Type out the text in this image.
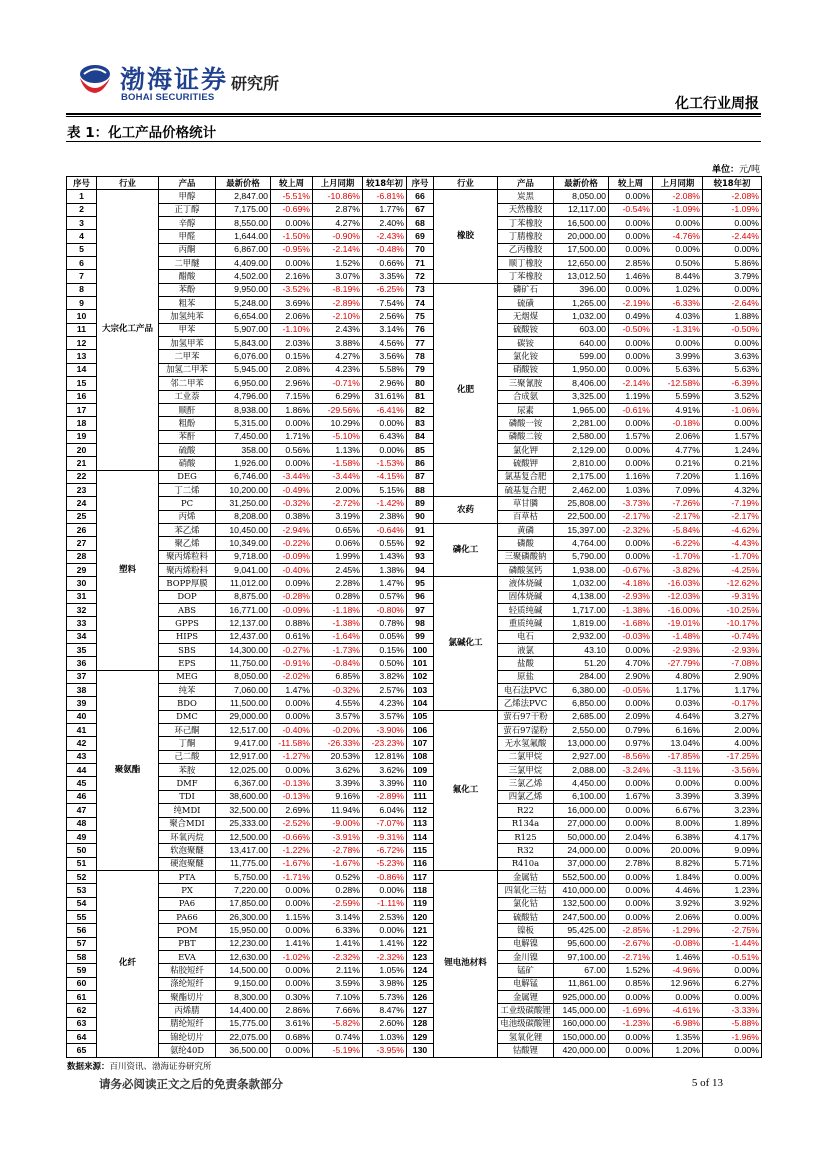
渤海证券
BOHAI SECURITIES
研究所
化工行业周报
表 1：化工产品价格统计
单位：元/吨
序号	行业	产品	最新价格	较上周	上月同期	较18年初	序号	行业	产品	最新价格	较上周	上月同期	较18年初
1	大宗化工产品	甲醇	2,847.00	-5.51%	-10.86%	-6.81%	66	橡胶	炭黑	8,050.00	0.00%	-2.08%	-2.08%
2		正丁醇	7,175.00	-0.69%	2.87%	1.77%	67		天然橡胶	12,117.00	-0.54%	-1.09%	-1.09%
3		辛醇	8,550.00	0.00%	4.27%	2.40%	68		丁苯橡胶	16,500.00	0.00%	0.00%	0.00%
4		甲醛	1,644.00	-1.50%	-0.90%	-2.43%	69		丁腈橡胶	20,000.00	0.00%	-4.76%	-2.44%
5		丙酮	6,867.00	-0.95%	-2.14%	-0.48%	70		乙丙橡胶	17,500.00	0.00%	0.00%	0.00%
6		二甲醚	4,409.00	0.00%	1.52%	0.66%	71		顺丁橡胶	12,650.00	2.85%	0.50%	5.86%
7		醋酸	4,502.00	2.16%	3.07%	3.35%	72		丁苯橡胶	13,012.50	1.46%	8.44%	3.79%
8		苯酚	9,950.00	-3.52%	-8.19%	-6.25%	73	化肥	磷矿石	396.00	0.00%	1.02%	0.00%
9		粗苯	5,248.00	3.69%	-2.89%	7.54%	74		硫磺	1,265.00	-2.19%	-6.33%	-2.64%
10		加氢纯苯	6,654.00	2.06%	-2.10%	2.56%	75		无烟煤	1,032.00	0.49%	4.03%	1.88%
11		甲苯	5,907.00	-1.10%	2.43%	3.14%	76		硫酸铵	603.00	-0.50%	-1.31%	-0.50%
12		加氢甲苯	5,843.00	2.03%	3.88%	4.56%	77		碳铵	640.00	0.00%	0.00%	0.00%
13		二甲苯	6,076.00	0.15%	4.27%	3.56%	78		氯化铵	599.00	0.00%	3.99%	3.63%
14		加氢二甲苯	5,945.00	2.08%	4.23%	5.58%	79		硝酸铵	1,950.00	0.00%	5.63%	5.63%
15		邻二甲苯	6,950.00	2.96%	-0.71%	2.96%	80		三聚氰胺	8,406.00	-2.14%	-12.58%	-6.39%
16		工业萘	4,796.00	7.15%	6.29%	31.61%	81		合成氨	3,325.00	1.19%	5.59%	3.52%
17		顺酐	8,938.00	1.86%	-29.56%	-6.41%	82		尿素	1,965.00	-0.61%	4.91%	-1.06%
18		粗酚	5,315.00	0.00%	10.29%	0.00%	83		磷酸一铵	2,281.00	0.00%	-0.18%	0.00%
19		苯酐	7,450.00	1.71%	-5.10%	6.43%	84		磷酸二铵	2,580.00	1.57%	2.06%	1.57%
20		硫酸	358.00	0.56%	1.13%	0.00%	85		氯化钾	2,129.00	0.00%	4.77%	1.24%
21		硝酸	1,926.00	0.00%	-1.58%	-1.53%	86		硫酸钾	2,810.00	0.00%	0.21%	0.21%
22	塑料	DEG	6,746.00	-3.44%	-3.44%	-4.15%	87		氯基复合肥	2,175.00	1.16%	7.20%	1.16%
23		丁二烯	10,200.00	-0.49%	2.00%	5.15%	88		硫基复合肥	2,462.00	1.03%	7.09%	4.32%
24		PC	31,250.00	-0.32%	-2.72%	-1.42%	89	农药	草甘膦	25,808.00	-3.73%	-7.26%	-7.19%
25		丙烯	8,208.00	0.38%	3.19%	2.38%	90		百草枯	22,500.00	-2.17%	-2.17%	-2.17%
26		苯乙烯	10,450.00	-2.94%	0.65%	-0.64%	91	磷化工	黄磷	15,397.00	-2.32%	-5.84%	-4.62%
27		聚乙烯	10,349.00	-0.22%	0.06%	0.55%	92		磷酸	4,764.00	0.00%	-6.22%	-4.43%
28		聚丙烯粒料	9,718.00	-0.09%	1.99%	1.43%	93		三聚磷酸钠	5,790.00	0.00%	-1.70%	-1.70%
29		聚丙烯粉料	9,041.00	-0.40%	2.45%	1.38%	94		磷酸氢钙	1,938.00	-0.67%	-3.82%	-4.25%
30		BOPP厚膜	11,012.00	0.09%	2.28%	1.47%	95	氯碱化工	液体烧碱	1,032.00	-4.18%	-16.03%	-12.62%
31		DOP	8,875.00	-0.28%	0.28%	0.57%	96		固体烧碱	4,138.00	-2.93%	-12.03%	-9.31%
32		ABS	16,771.00	-0.09%	-1.18%	-0.80%	97		轻质纯碱	1,717.00	-1.38%	-16.00%	-10.25%
33		GPPS	12,137.00	0.88%	-1.38%	0.78%	98		重质纯碱	1,819.00	-1.68%	-19.01%	-10.17%
34		HIPS	12,437.00	0.61%	-1.64%	0.05%	99		电石	2,932.00	-0.03%	-1.48%	-0.74%
35		SBS	14,300.00	-0.27%	-1.73%	0.15%	100		液氯	43.10	0.00%	-2.93%	-2.93%
36		EPS	11,750.00	-0.91%	-0.84%	0.50%	101		盐酸	51.20	4.70%	-27.79%	-7.08%
37	聚氨酯	MEG	8,050.00	-2.02%	6.85%	3.82%	102		原盐	284.00	2.90%	4.80%	2.90%
38		纯苯	7,060.00	1.47%	-0.32%	2.57%	103		电石法PVC	6,380.00	-0.05%	1.17%	1.17%
39		BDO	11,500.00	0.00%	4.55%	4.23%	104		乙烯法PVC	6,850.00	0.00%	0.03%	-0.17%
40		DMC	29,000.00	0.00%	3.57%	3.57%	105	氟化工	萤石97干粉	2,685.00	2.09%	4.64%	3.27%
41		环己酮	12,517.00	-0.40%	-0.20%	-3.90%	106		萤石97湿粉	2,550.00	0.79%	6.16%	2.00%
42		丁酮	9,417.00	-11.58%	-26.33%	-23.23%	107		无水氢氟酸	13,000.00	0.97%	13.04%	4.00%
43		己二酸	12,917.00	-1.27%	20.53%	12.81%	108		二氯甲烷	2,927.00	-8.56%	-17.85%	-17.25%
44		苯胺	12,025.00	0.00%	3.62%	3.62%	109		三氯甲烷	2,088.00	-3.24%	-3.11%	-3.56%
45		DMF	6,367.00	-0.13%	3.39%	3.39%	110		三氯乙烯	4,450.00	0.00%	0.00%	0.00%
46		TDI	38,600.00	-0.13%	9.16%	-2.89%	111		四氯乙烯	6,100.00	1.67%	3.39%	3.39%
47		纯MDI	32,500.00	2.69%	11.94%	6.04%	112		R22	16,000.00	0.00%	6.67%	3.23%
48		聚合MDI	25,333.00	-2.52%	-9.00%	-7.07%	113		R134a	27,000.00	0.00%	8.00%	1.89%
49		环氧丙烷	12,500.00	-0.66%	-3.91%	-9.31%	114		R125	50,000.00	2.04%	6.38%	4.17%
50		软泡聚醚	13,417.00	-1.22%	-2.78%	-6.72%	115		R32	24,000.00	0.00%	20.00%	9.09%
51		硬泡聚醚	11,775.00	-1.67%	-1.67%	-5.23%	116		R410a	37,000.00	2.78%	8.82%	5.71%
52	化纤	PTA	5,750.00	-1.71%	0.52%	-0.86%	117	锂电池材料	金属钴	552,500.00	0.00%	1.84%	0.00%
53		PX	7,220.00	0.00%	0.28%	0.00%	118		四氧化三钴	410,000.00	0.00%	4.46%	1.23%
54		PA6	17,850.00	0.00%	-2.59%	-1.11%	119		氯化钴	132,500.00	0.00%	3.92%	3.92%
55		PA66	26,300.00	1.15%	3.14%	2.53%	120		硫酸钴	247,500.00	0.00%	2.06%	0.00%
56		POM	15,950.00	0.00%	6.33%	0.00%	121		镍板	95,425.00	-2.85%	-1.29%	-2.75%
57		PBT	12,230.00	1.41%	1.41%	1.41%	122		电解镍	95,600.00	-2.67%	-0.08%	-1.44%
58		EVA	12,630.00	-1.02%	-2.32%	-2.32%	123		金川镍	97,100.00	-2.71%	1.46%	-0.51%
59		粘胶短纤	14,500.00	0.00%	2.11%	1.05%	124		锰矿	67.00	1.52%	-4.96%	0.00%
60		涤纶短纤	9,150.00	0.00%	3.59%	3.98%	125		电解锰	11,861.00	0.85%	12.96%	6.27%
61		聚酯切片	8,300.00	0.30%	7.10%	5.73%	126		金属锂	925,000.00	0.00%	0.00%	0.00%
62		丙烯腈	14,400.00	2.86%	7.66%	8.47%	127		工业级碳酸锂	145,000.00	-1.69%	-4.61%	-3.33%
63		腈纶短纤	15,775.00	3.61%	-5.82%	2.60%	128		电池级碳酸锂	160,000.00	-1.23%	-6.98%	-5.88%
64		锦纶切片	22,075.00	0.68%	0.74%	1.03%	129		氢氧化锂	150,000.00	0.00%	1.35%	-1.96%
65		氨纶40D	36,500.00	0.00%	-5.19%	-3.95%	130		钴酸锂	420,000.00	0.00%	1.20%	0.00%
数据来源：百川资讯、渤海证券研究所
请务必阅读正文之后的免责条款部分	5 of 13
